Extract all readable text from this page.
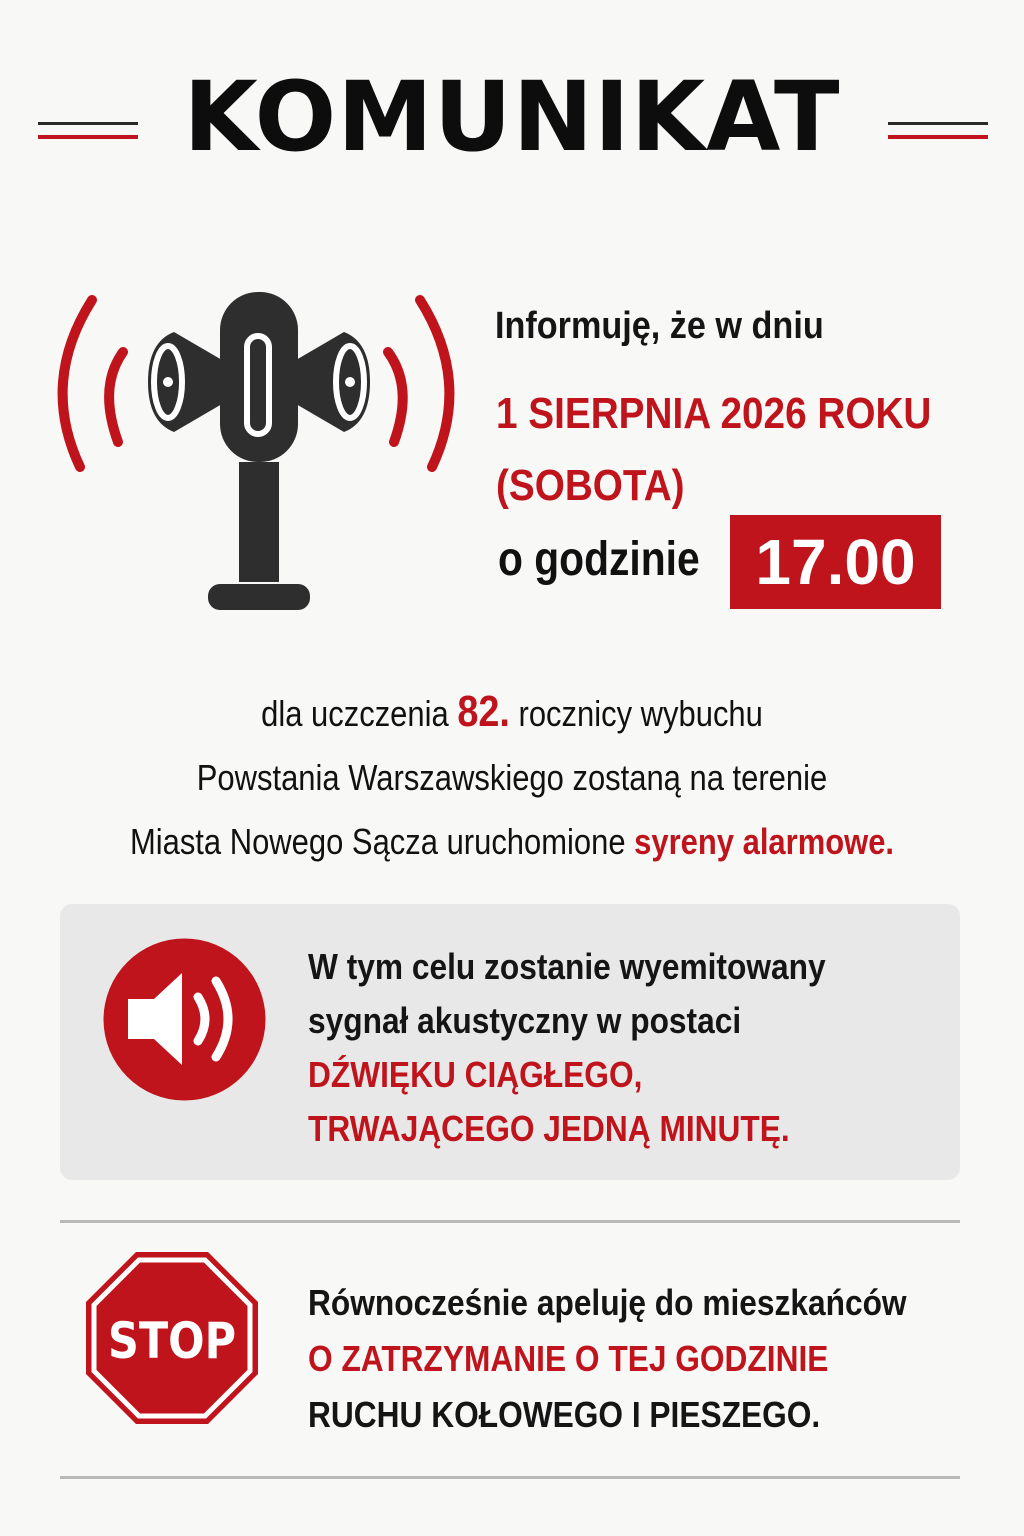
KOMUNIKAT
Informuję, że w dniu
1 SIERPNIA 2026 ROKU
(SOBOTA)
o godzinie 17.00
dla uczczenia 82. rocznicy wybuchu
Powstania Warszawskiego zostaną na terenie
Miasta Nowego Sącza uruchomione syreny alarmowe.
W tym celu zostanie wyemitowany
sygnał akustyczny w postaci
DŹWIĘKU CIĄGŁEGO,
TRWAJĄCEGO JEDNĄ MINUTĘ.
STOP
Równocześnie apeluję do mieszkańców
O ZATRZYMANIE O TEJ GODZINIE
RUCHU KOŁOWEGO I PIESZEGO.
